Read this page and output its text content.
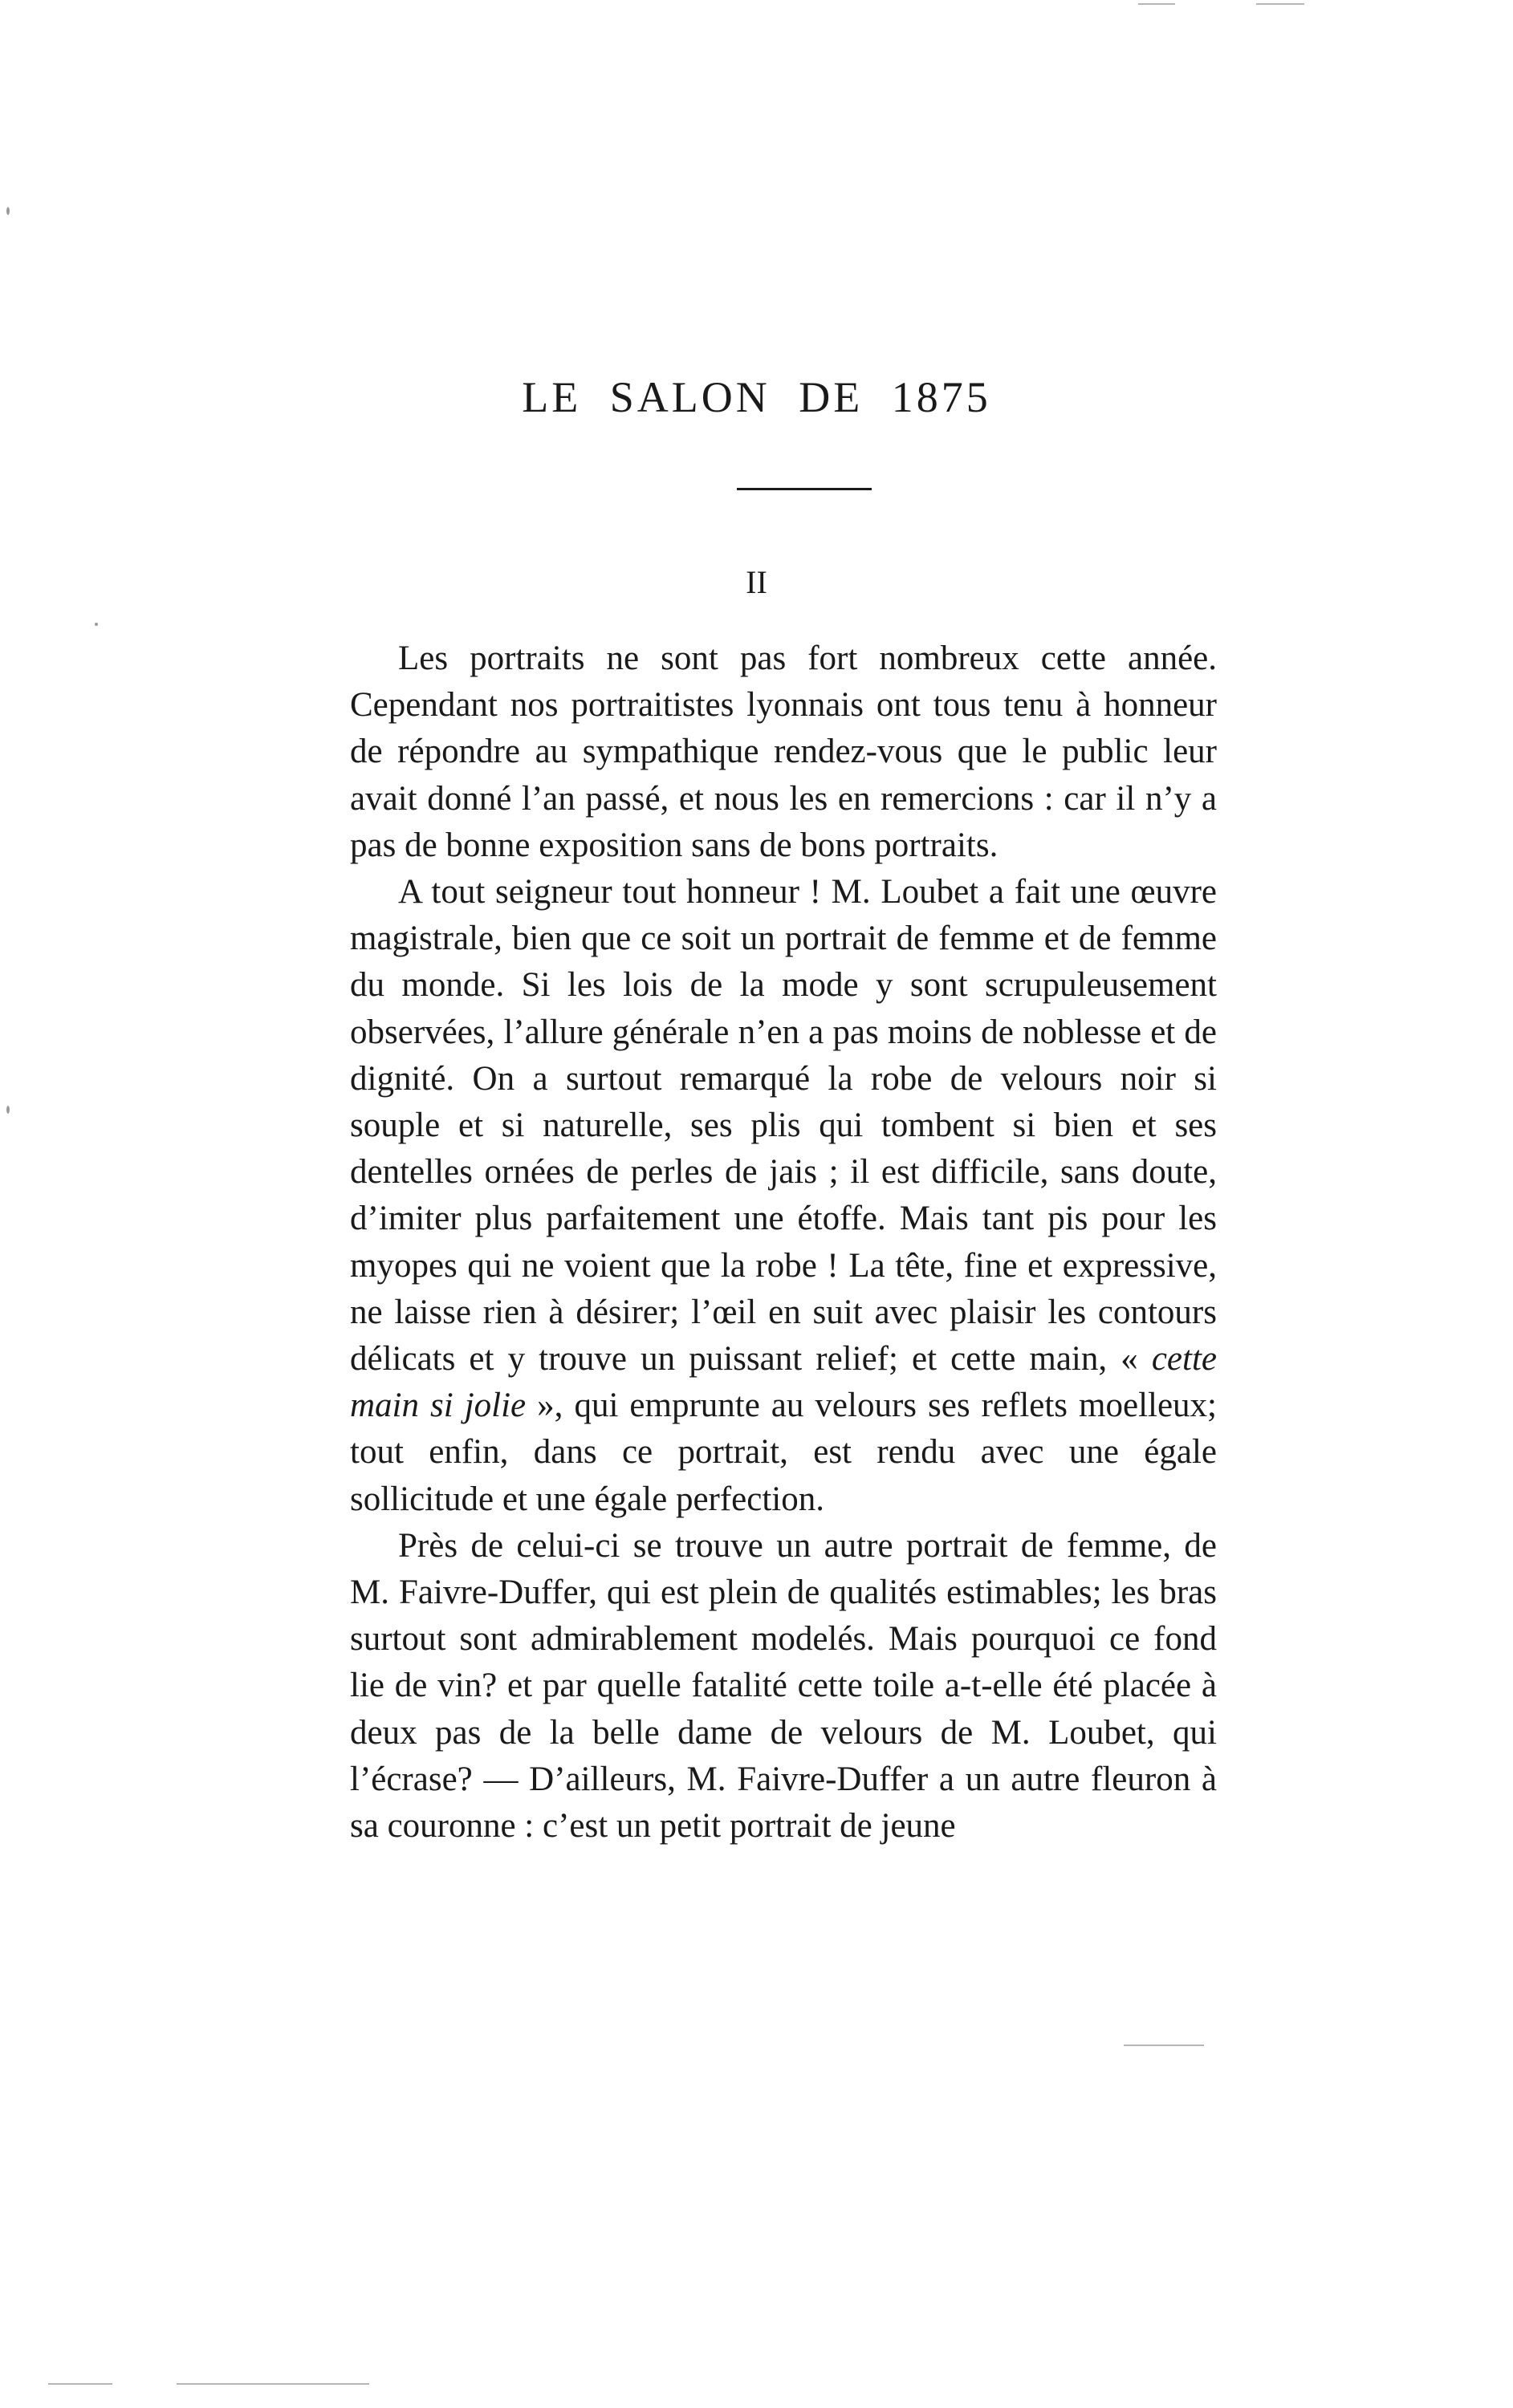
LE SALON DE 1875
II

Les portraits ne sont pas fort nombreux cette année. Cependant nos portraitistes lyonnais ont tous tenu à honneur de répondre au sympathique rendez-vous que le public leur avait donné l’an passé, et nous les en remercions : car il n’y a pas de bonne exposition sans de bons portraits.

A tout seigneur tout honneur ! M. Loubet a fait une œuvre magistrale, bien que ce soit un portrait de femme et de femme du monde. Si les lois de la mode y sont scrupuleusement observées, l’allure générale n’en a pas moins de noblesse et de dignité. On a surtout remarqué la robe de velours noir si souple et si naturelle, ses plis qui tombent si bien et ses dentelles ornées de perles de jais ; il est difficile, sans doute, d’imiter plus parfaitement une étoffe. Mais tant pis pour les myopes qui ne voient que la robe ! La tête, fine et expressive, ne laisse rien à désirer; l’œil en suit avec plaisir les contours délicats et y trouve un puissant relief; et cette main, « cette main si jolie », qui emprunte au velours ses reflets moelleux; tout enfin, dans ce portrait, est rendu avec une égale sollicitude et une égale perfection.

Près de celui-ci se trouve un autre portrait de femme, de M. Faivre-Duffer, qui est plein de qualités estimables; les bras surtout sont admirablement modelés. Mais pourquoi ce fond lie de vin? et par quelle fatalité cette toile a-t-elle été placée à deux pas de la belle dame de velours de M. Loubet, qui l’écrase? — D’ailleurs, M. Faivre-Duffer a un autre fleuron à sa couronne : c’est un petit portrait de jeune
